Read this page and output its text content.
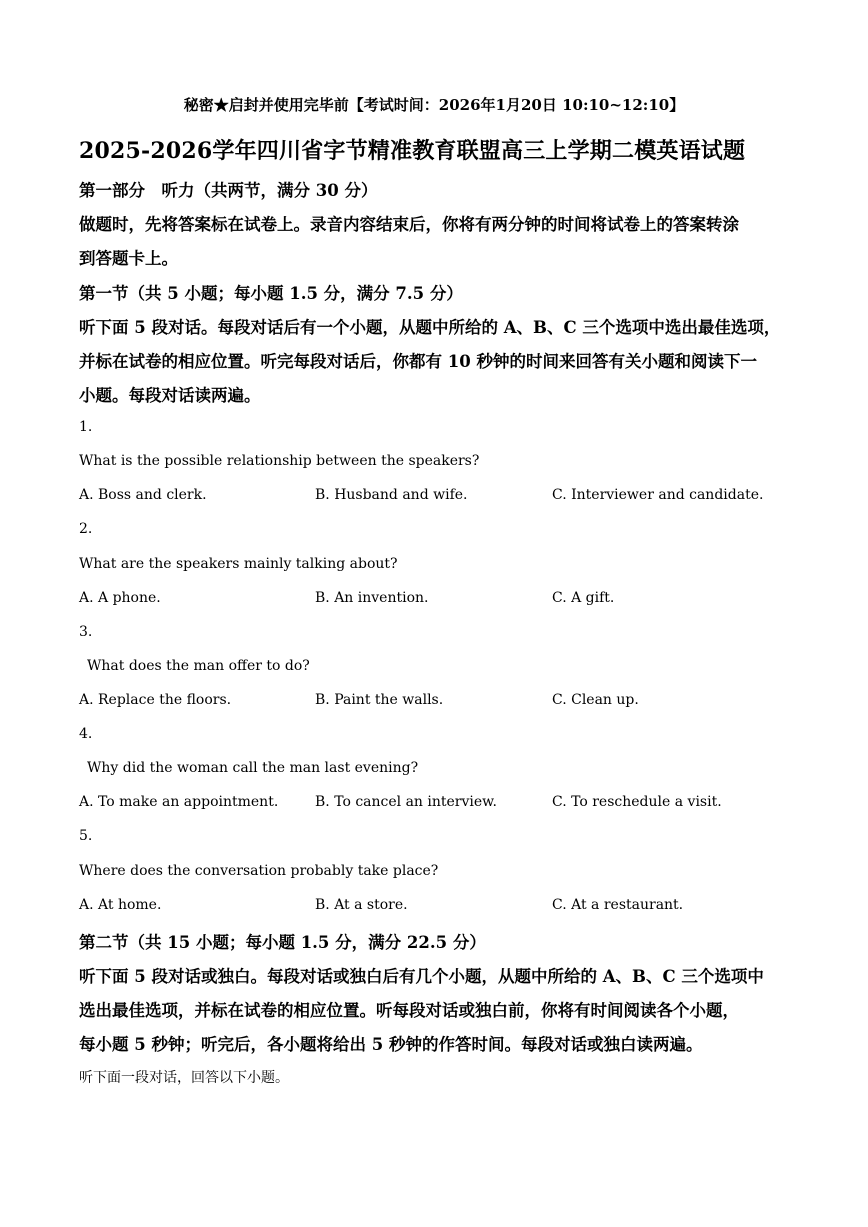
秘密★启封并使用完毕前【考试时间：2026年1月20日 10:10~12:10】
2025-2026学年四川省字节精准教育联盟高三上学期二模英语试题
第一部分　听力（共两节，满分 30 分）
做题时，先将答案标在试卷上。录音内容结束后，你将有两分钟的时间将试卷上的答案转涂
到答题卡上。
第一节（共 5 小题；每小题 1.5 分，满分 7.5 分）
听下面 5 段对话。每段对话后有一个小题，从题中所给的 A、B、C 三个选项中选出最佳选项，
并标在试卷的相应位置。听完每段对话后，你都有 10 秒钟的时间来回答有关小题和阅读下一
小题。每段对话读两遍。
1.
What is the possible relationship between the speakers?
A. Boss and clerk.	B. Husband and wife.	C. Interviewer and candidate.
2.
What are the speakers mainly talking about?
A. A phone.	B. An invention.	C. A gift.
3.
What does the man offer to do?
A. Replace the floors.	B. Paint the walls.	C. Clean up.
4.
Why did the woman call the man last evening?
A. To make an appointment.	B. To cancel an interview.	C. To reschedule a visit.
5.
Where does the conversation probably take place?
A. At home.	B. At a store.	C. At a restaurant.
第二节（共 15 小题；每小题 1.5 分，满分 22.5 分）
听下面 5 段对话或独白。每段对话或独白后有几个小题，从题中所给的 A、B、C 三个选项中
选出最佳选项，并标在试卷的相应位置。听每段对话或独白前，你将有时间阅读各个小题，
每小题 5 秒钟；听完后，各小题将给出 5 秒钟的作答时间。每段对话或独白读两遍。
听下面一段对话，回答以下小题。
